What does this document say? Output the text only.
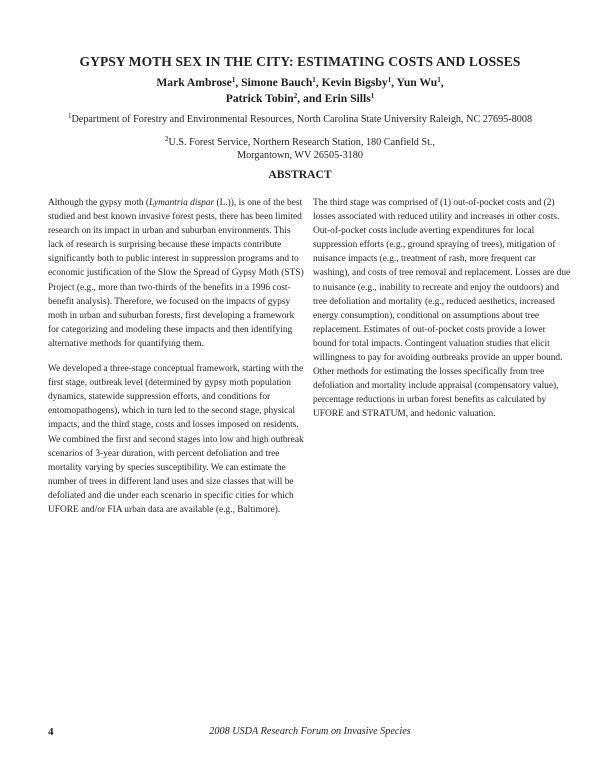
GYPSY MOTH SEX IN THE CITY: ESTIMATING COSTS AND LOSSES
Mark Ambrose$^1$, Simone Bauch$^1$, Kevin Bigsby$^1$, Yun Wu$^1$,
Patrick Tobin$^2$, and Erin Sills$^1$
$^1$Department of Forestry and Environmental Resources, North Carolina State University Raleigh, NC 27695-8008
$^2$U.S. Forest Service, Northern Research Station, 180 Canfield St.,
Morgantown, WV 26505-3180
ABSTRACT

Although the gypsy moth (Lymantria dispar (L.)), is one of the best studied and best known invasive forest pests, there has been limited research on its impact in urban and suburban environments. This lack of research is surprising because these impacts contribute significantly both to public interest in suppression programs and to economic justification of the Slow the Spread of Gypsy Moth (STS) Project (e.g., more than two-thirds of the benefits in a 1996 cost-benefit analysis). Therefore, we focused on the impacts of gypsy moth in urban and suburban forests, first developing a framework for categorizing and modeling these impacts and then identifying alternative methods for quantifying them.

We developed a three-stage conceptual framework, starting with the first stage, outbreak level (determined by gypsy moth population dynamics, statewide suppression efforts, and conditions for entomopathogens), which in turn led to the second stage, physical impacts, and the third stage, costs and losses imposed on residents. We combined the first and second stages into low and high outbreak scenarios of 3-year duration, with percent defoliation and tree mortality varying by species susceptibility. We can estimate the number of trees in different land uses and size classes that will be defoliated and die under each scenario in specific cities for which UFORE and/or FIA urban data are available (e.g., Baltimore).

The third stage was comprised of (1) out-of-pocket costs and (2) losses associated with reduced utility and increases in other costs. Out-of-pocket costs include averting expenditures for local suppression efforts (e.g., ground spraying of trees), mitigation of nuisance impacts (e.g., treatment of rash, more frequent car washing), and costs of tree removal and replacement. Losses are due to nuisance (e.g., inability to recreate and enjoy the outdoors) and tree defoliation and mortality (e.g., reduced aesthetics, increased energy consumption), conditional on assumptions about tree replacement. Estimates of out-of-pocket costs provide a lower bound for total impacts. Contingent valuation studies that elicit willingness to pay for avoiding outbreaks provide an upper bound. Other methods for estimating the losses specifically from tree defoliation and mortality include appraisal (compensatory value), percentage reductions in urban forest benefits as calculated by UFORE and STRATUM, and hedonic valuation.

4	2008 USDA Research Forum on Invasive Species
